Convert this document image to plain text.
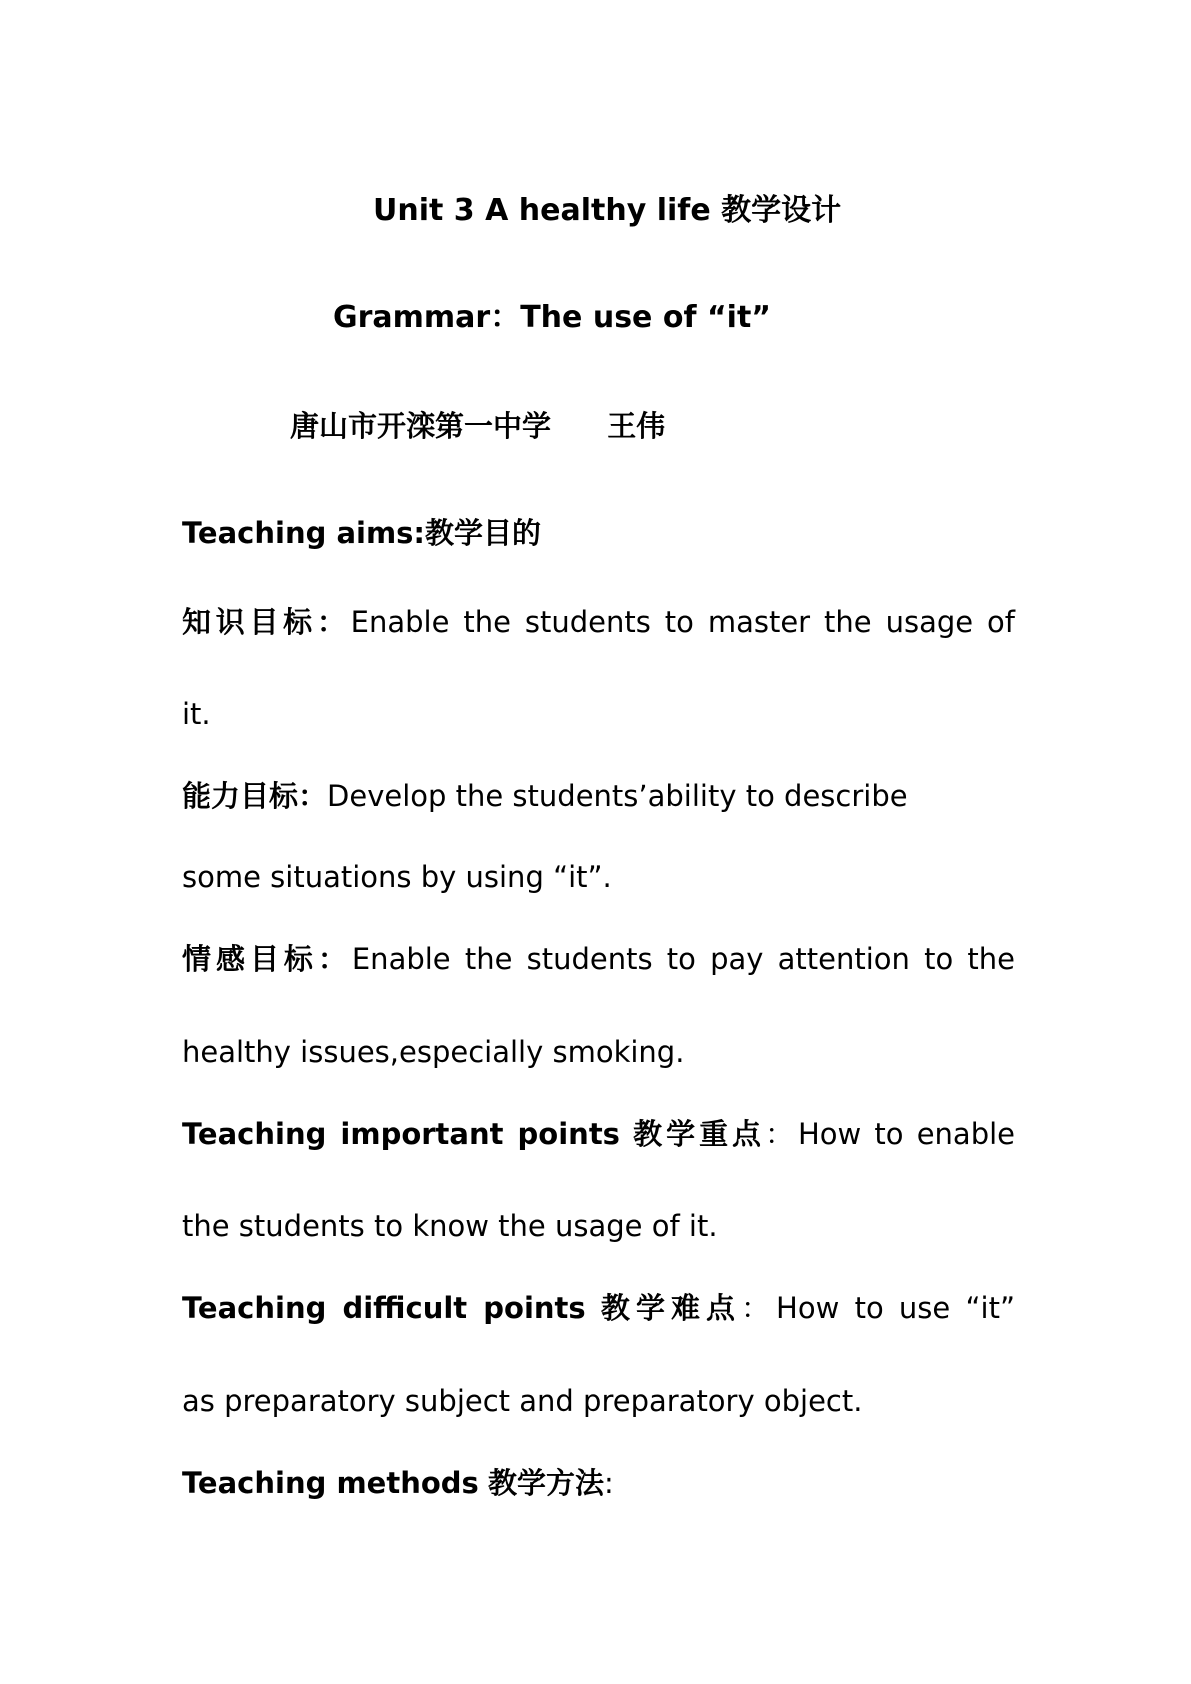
Unit 3 A healthy life 教学设计
Grammar：The use of “it”
唐山市开滦第一中学 王伟
Teaching aims:教学目的
知识目标：Enable the students to master the usage of
it.
能力目标：Develop the students’ability to describe
some situations by using “it”.
情感目标：Enable the students to pay attention to the
healthy issues,especially smoking.
Teaching important points 教学重点：How to enable
the students to know the usage of it.
Teaching difficult points 教学难点：How to use “it”
as preparatory subject and preparatory object.
Teaching methods 教学方法:
